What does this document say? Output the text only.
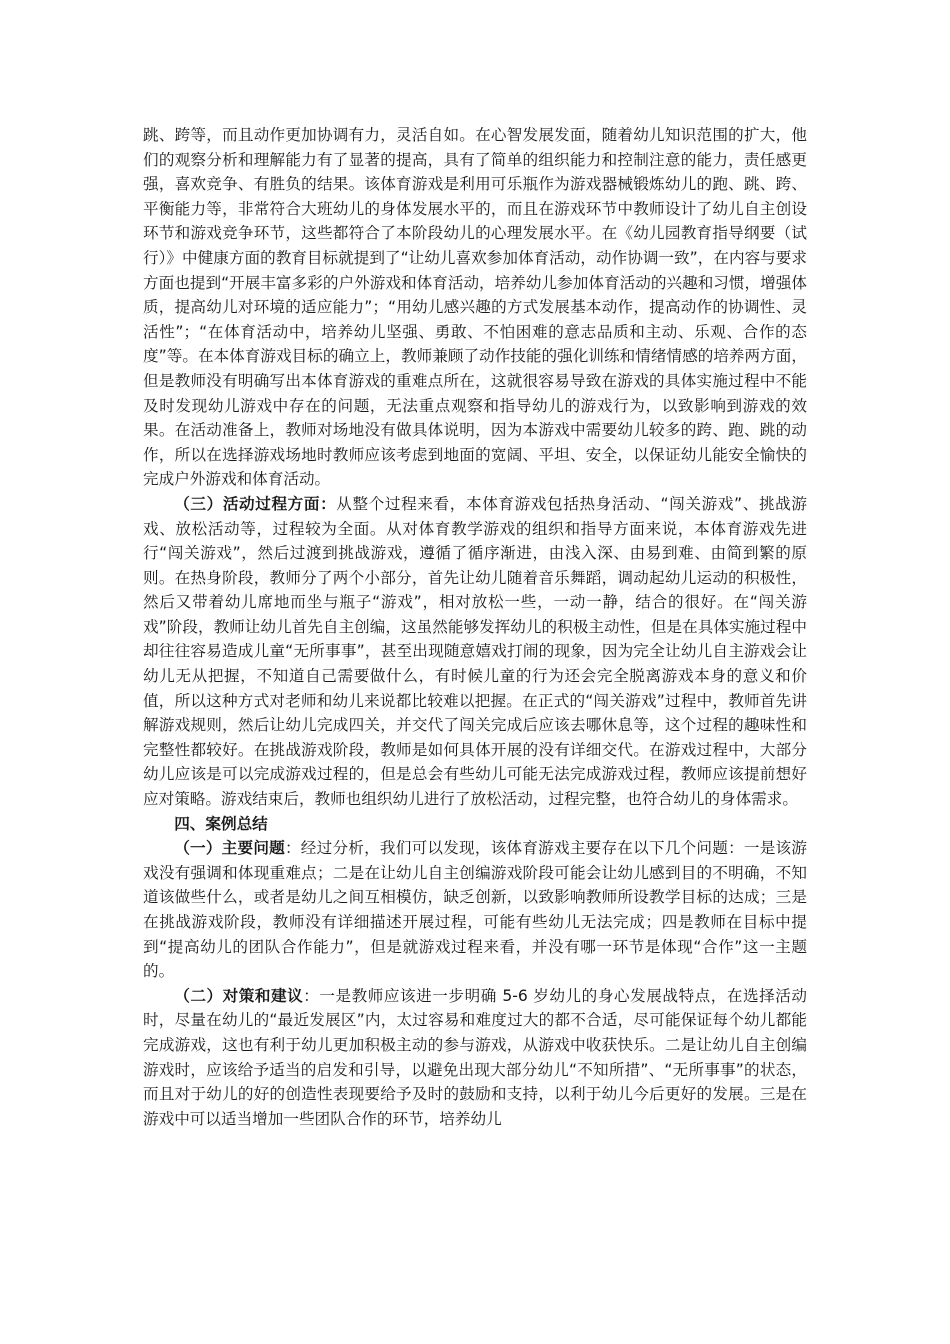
跳、跨等，而且动作更加协调有力，灵活自如。在心智发展发面，随着幼儿知识范围的扩大，他们的观察分析和理解能力有了显著的提高，具有了简单的组织能力和控制注意的能力，责任感更强，喜欢竞争、有胜负的结果。该体育游戏是利用可乐瓶作为游戏器械锻炼幼儿的跑、跳、跨、平衡能力等，非常符合大班幼儿的身体发展水平的，而且在游戏环节中教师设计了幼儿自主创设环节和游戏竞争环节，这些都符合了本阶段幼儿的心理发展水平。在《幼儿园教育指导纲要（试行）》中健康方面的教育目标就提到了“让幼儿喜欢参加体育活动，动作协调一致”，在内容与要求方面也提到“开展丰富多彩的户外游戏和体育活动，培养幼儿参加体育活动的兴趣和习惯，增强体质，提高幼儿对环境的适应能力”；“用幼儿感兴趣的方式发展基本动作，提高动作的协调性、灵活性”；“在体育活动中，培养幼儿坚强、勇敢、不怕困难的意志品质和主动、乐观、合作的态度”等。在本体育游戏目标的确立上，教师兼顾了动作技能的强化训练和情绪情感的培养两方面，但是教师没有明确写出本体育游戏的重难点所在，这就很容易导致在游戏的具体实施过程中不能及时发现幼儿游戏中存在的问题，无法重点观察和指导幼儿的游戏行为，以致影响到游戏的效果。在活动准备上，教师对场地没有做具体说明，因为本游戏中需要幼儿较多的跨、跑、跳的动作，所以在选择游戏场地时教师应该考虑到地面的宽阔、平坦、安全，以保证幼儿能安全愉快的完成户外游戏和体育活动。

（三）活动过程方面：从整个过程来看，本体育游戏包括热身活动、“闯关游戏”、挑战游戏、放松活动等，过程较为全面。从对体育教学游戏的组织和指导方面来说，本体育游戏先进行“闯关游戏”，然后过渡到挑战游戏，遵循了循序渐进，由浅入深、由易到难、由简到繁的原则。在热身阶段，教师分了两个小部分，首先让幼儿随着音乐舞蹈，调动起幼儿运动的积极性，然后又带着幼儿席地而坐与瓶子“游戏”，相对放松一些，一动一静，结合的很好。在“闯关游戏”阶段，教师让幼儿首先自主创编，这虽然能够发挥幼儿的积极主动性，但是在具体实施过程中却往往容易造成儿童“无所事事”，甚至出现随意嬉戏打闹的现象，因为完全让幼儿自主游戏会让幼儿无从把握，不知道自己需要做什么，有时候儿童的行为还会完全脱离游戏本身的意义和价值，所以这种方式对老师和幼儿来说都比较难以把握。在正式的“闯关游戏”过程中，教师首先讲解游戏规则，然后让幼儿完成四关，并交代了闯关完成后应该去哪休息等，这个过程的趣味性和完整性都较好。在挑战游戏阶段，教师是如何具体开展的没有详细交代。在游戏过程中，大部分幼儿应该是可以完成游戏过程的，但是总会有些幼儿可能无法完成游戏过程，教师应该提前想好应对策略。游戏结束后，教师也组织幼儿进行了放松活动，过程完整，也符合幼儿的身体需求。

四、案例总结

（一）主要问题：经过分析，我们可以发现，该体育游戏主要存在以下几个问题：一是该游戏没有强调和体现重难点；二是在让幼儿自主创编游戏阶段可能会让幼儿感到目的不明确，不知道该做些什么，或者是幼儿之间互相模仿，缺乏创新，以致影响教师所设教学目标的达成；三是在挑战游戏阶段，教师没有详细描述开展过程，可能有些幼儿无法完成；四是教师在目标中提到“提高幼儿的团队合作能力”，但是就游戏过程来看，并没有哪一环节是体现“合作”这一主题的。

（二）对策和建议：一是教师应该进一步明确 5-6 岁幼儿的身心发展战特点，在选择活动时，尽量在幼儿的“最近发展区”内，太过容易和难度过大的都不合适，尽可能保证每个幼儿都能完成游戏，这也有利于幼儿更加积极主动的参与游戏，从游戏中收获快乐。二是让幼儿自主创编游戏时，应该给予适当的启发和引导，以避免出现大部分幼儿“不知所措”、“无所事事”的状态，而且对于幼儿的好的创造性表现要给予及时的鼓励和支持，以利于幼儿今后更好的发展。三是在游戏中可以适当增加一些团队合作的环节，培养幼儿
